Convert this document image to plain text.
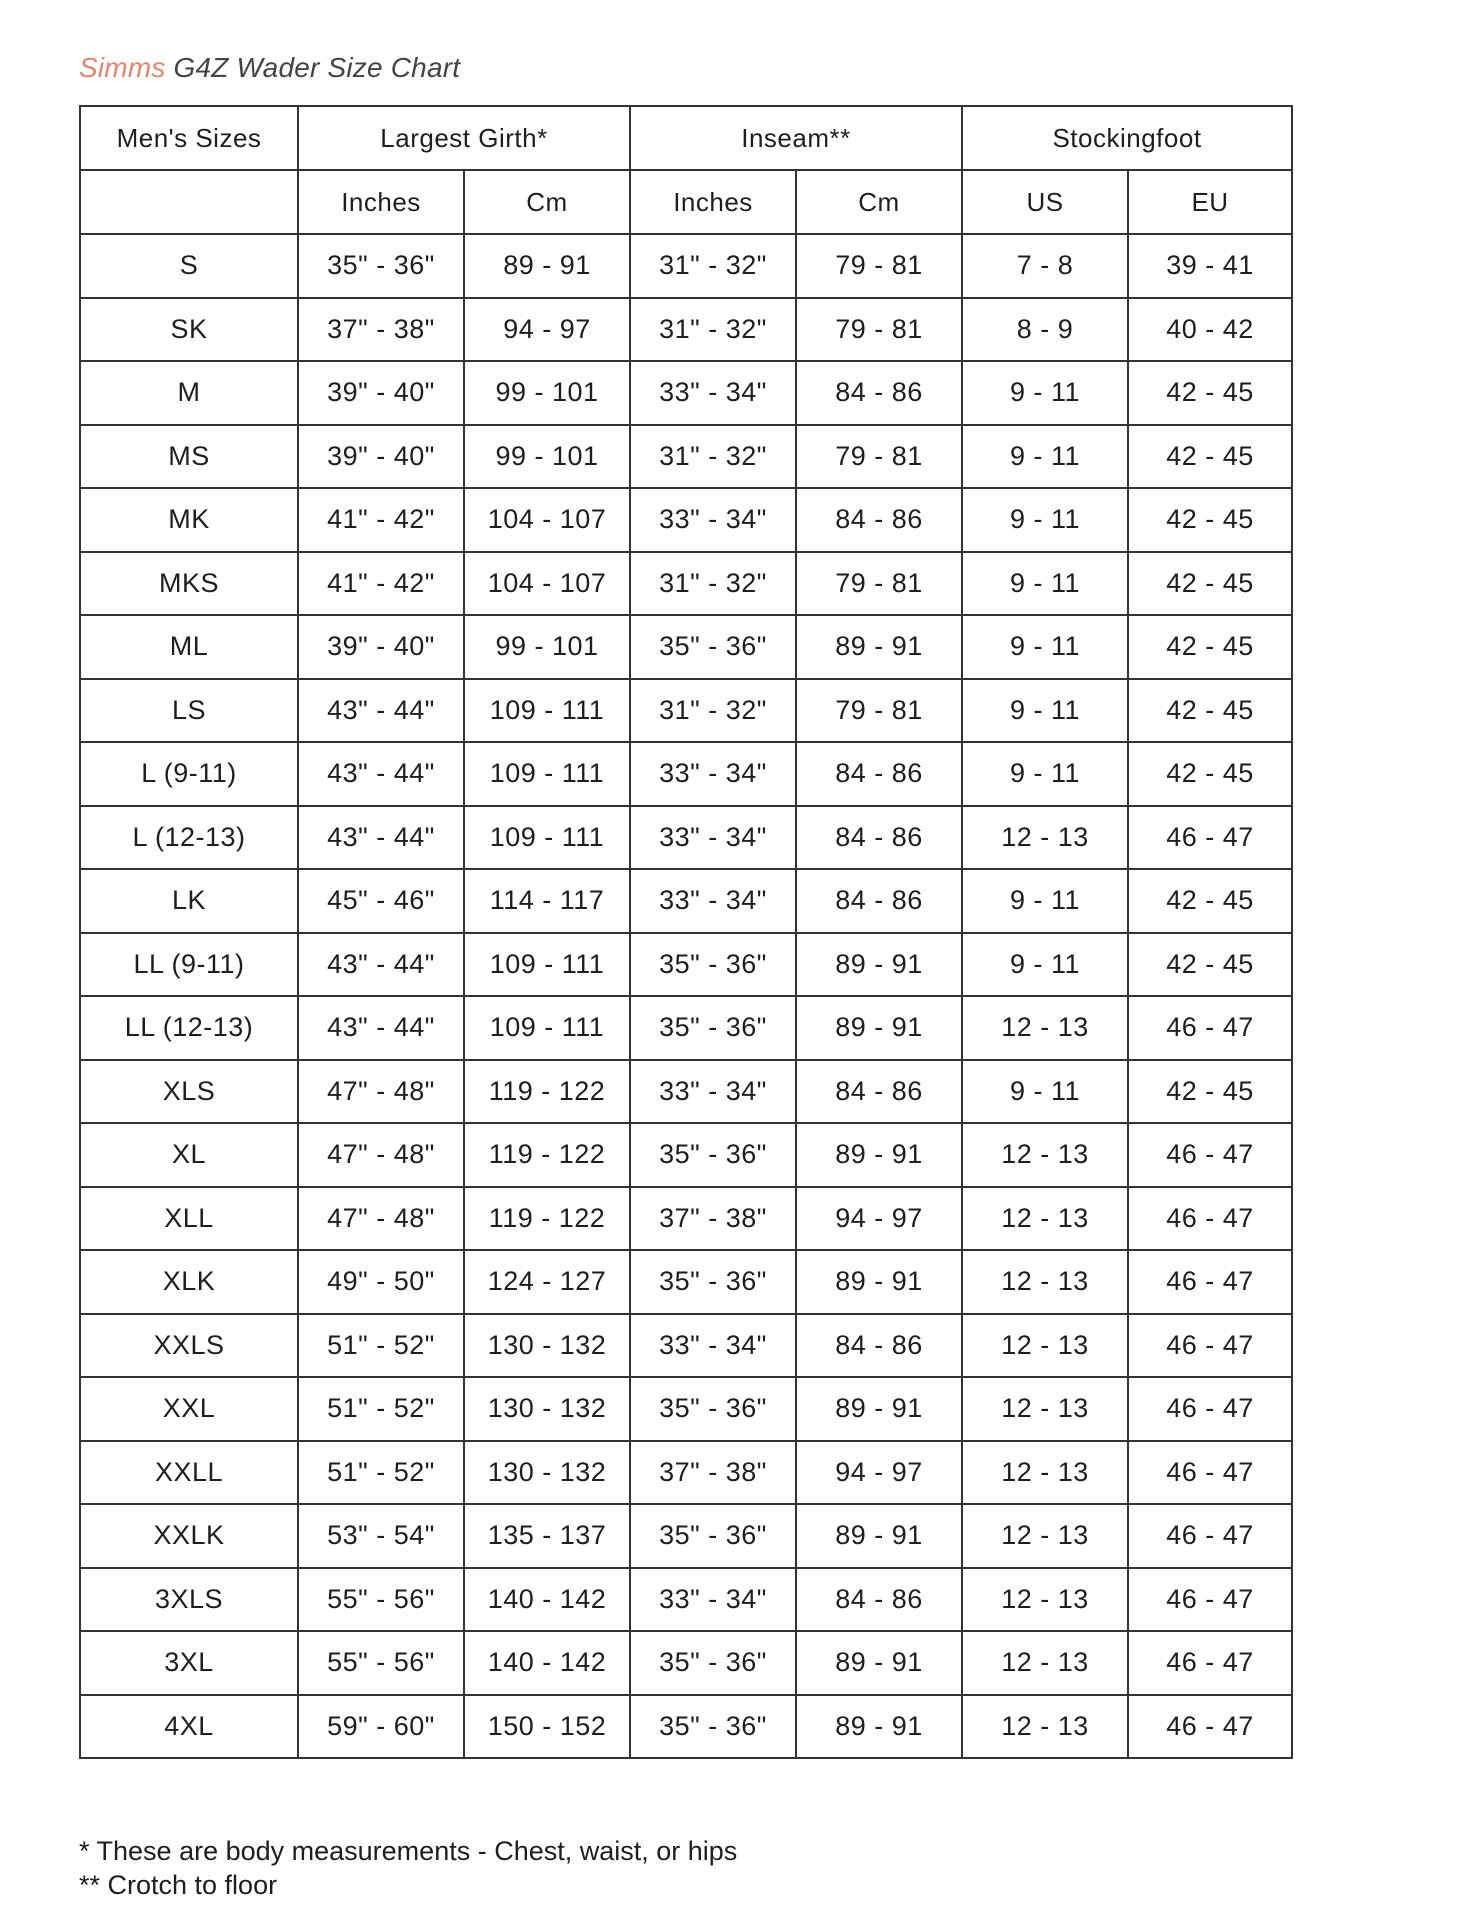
Simms G4Z Wader Size Chart
Men's Sizes	Largest Girth*		Inseam**		Stockingfoot	
	Inches	Cm	Inches	Cm	US	EU
S	35" - 36"	89 - 91	31" - 32"	79 - 81	7 - 8	39 - 41
SK	37" - 38"	94 - 97	31" - 32"	79 - 81	8 - 9	40 - 42
M	39" - 40"	99 - 101	33" - 34"	84 - 86	9 - 11	42 - 45
MS	39" - 40"	99 - 101	31" - 32"	79 - 81	9 - 11	42 - 45
MK	41" - 42"	104 - 107	33" - 34"	84 - 86	9 - 11	42 - 45
MKS	41" - 42"	104 - 107	31" - 32"	79 - 81	9 - 11	42 - 45
ML	39" - 40"	99 - 101	35" - 36"	89 - 91	9 - 11	42 - 45
LS	43" - 44"	109 - 111	31" - 32"	79 - 81	9 - 11	42 - 45
L (9-11)	43" - 44"	109 - 111	33" - 34"	84 - 86	9 - 11	42 - 45
L (12-13)	43" - 44"	109 - 111	33" - 34"	84 - 86	12 - 13	46 - 47
LK	45" - 46"	114 - 117	33" - 34"	84 - 86	9 - 11	42 - 45
LL (9-11)	43" - 44"	109 - 111	35" - 36"	89 - 91	9 - 11	42 - 45
LL (12-13)	43" - 44"	109 - 111	35" - 36"	89 - 91	12 - 13	46 - 47
XLS	47" - 48"	119 - 122	33" - 34"	84 - 86	9 - 11	42 - 45
XL	47" - 48"	119 - 122	35" - 36"	89 - 91	12 - 13	46 - 47
XLL	47" - 48"	119 - 122	37" - 38"	94 - 97	12 - 13	46 - 47
XLK	49" - 50"	124 - 127	35" - 36"	89 - 91	12 - 13	46 - 47
XXLS	51" - 52"	130 - 132	33" - 34"	84 - 86	12 - 13	46 - 47
XXL	51" - 52"	130 - 132	35" - 36"	89 - 91	12 - 13	46 - 47
XXLL	51" - 52"	130 - 132	37" - 38"	94 - 97	12 - 13	46 - 47
XXLK	53" - 54"	135 - 137	35" - 36"	89 - 91	12 - 13	46 - 47
3XLS	55" - 56"	140 - 142	33" - 34"	84 - 86	12 - 13	46 - 47
3XL	55" - 56"	140 - 142	35" - 36"	89 - 91	12 - 13	46 - 47
4XL	59" - 60"	150 - 152	35" - 36"	89 - 91	12 - 13	46 - 47
* These are body measurements - Chest, waist, or hips
** Crotch to floor
